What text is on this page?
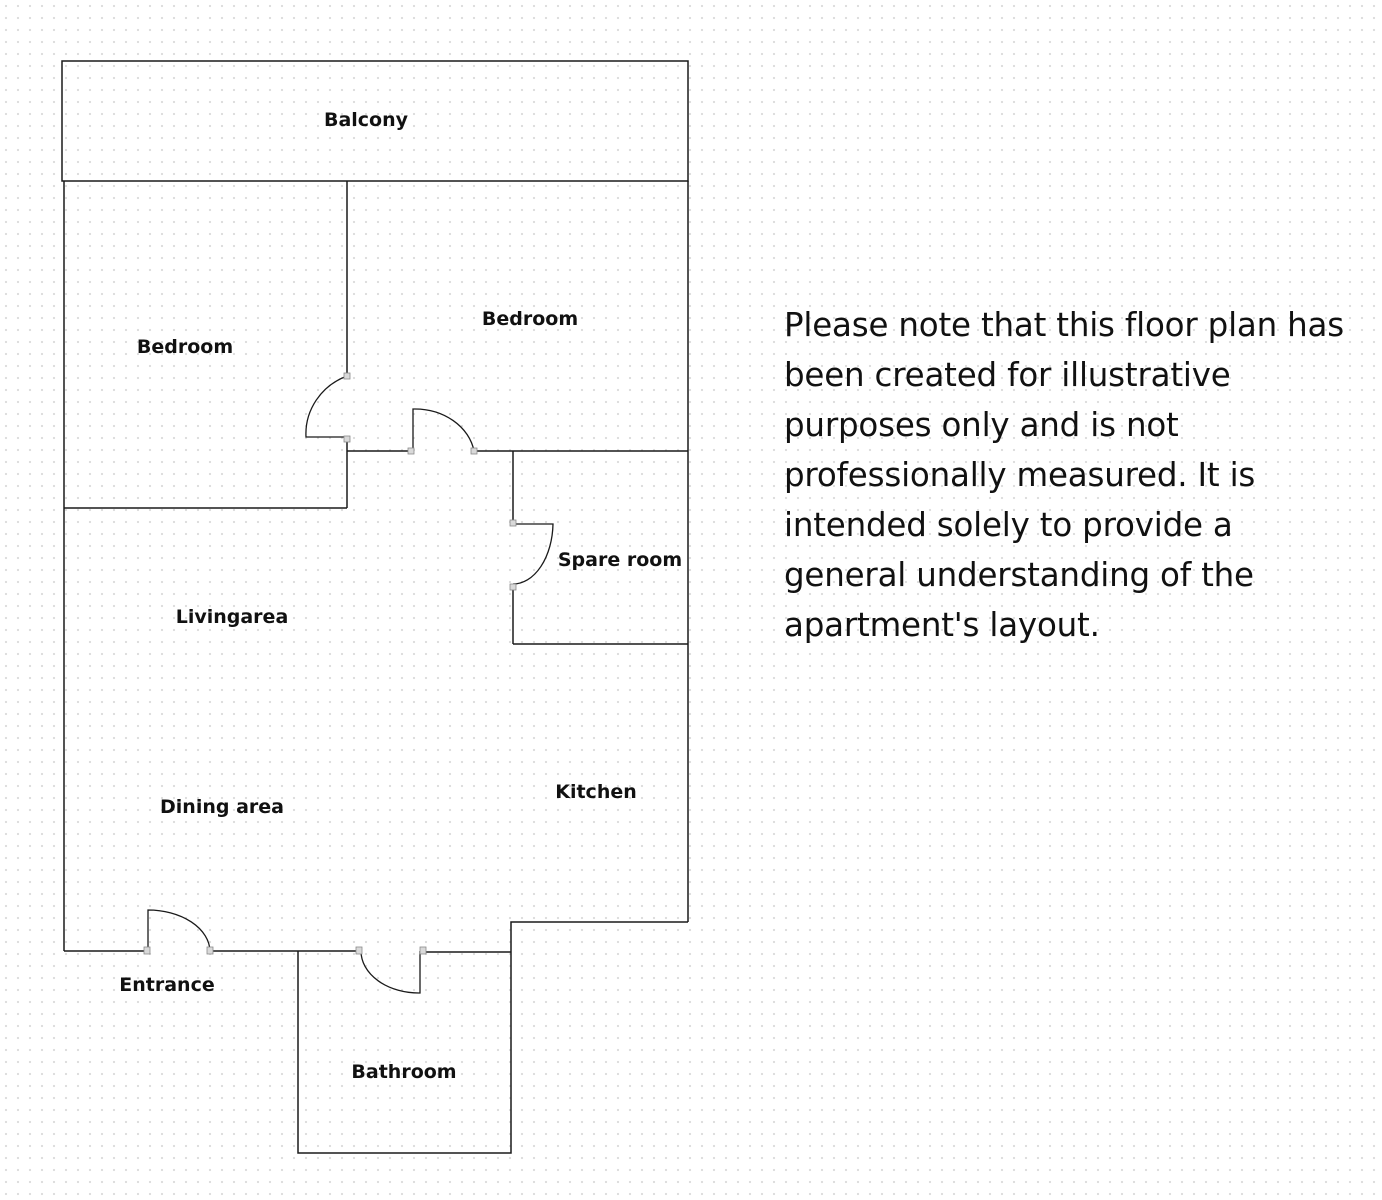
Balcony
Bedroom
Bedroom
Spare room
Livingarea
Dining area
Kitchen
Entrance
Bathroom

Please note that this floor plan has been created for illustrative purposes only and is not professionally measured. It is intended solely to provide a general understanding of the apartment's layout.
